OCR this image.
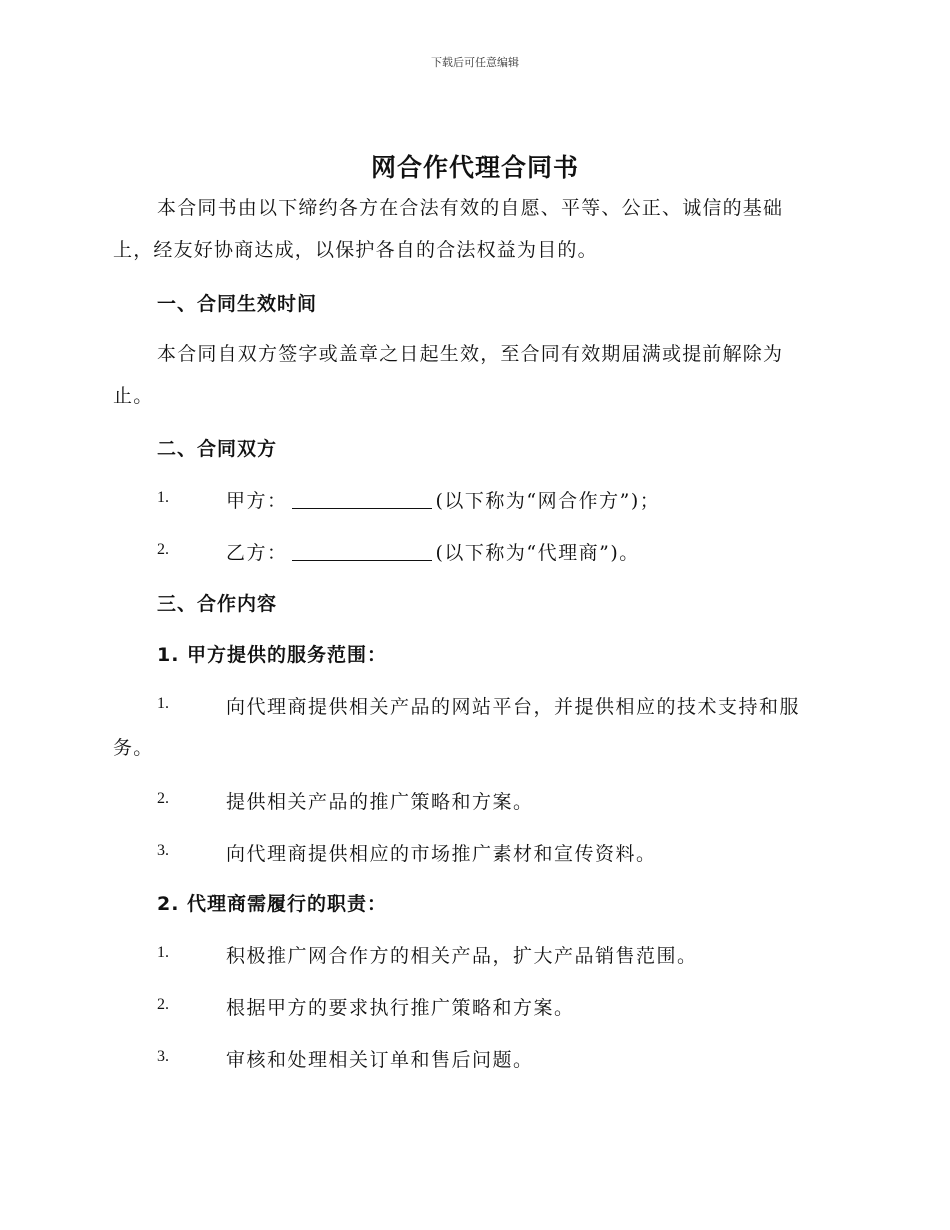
下载后可任意编辑
网合作代理合同书
本合同书由以下缔约各方在合法有效的自愿、平等、公正、诚信的基础
上，经友好协商达成，以保护各自的合法权益为目的。
一、合同生效时间
本合同自双方签字或盖章之日起生效，至合同有效期届满或提前解除为
止。
二、合同双方
1.	甲方：	(以下称为“网合作方”)；
2.	乙方：	(以下称为“代理商”)。
三、合作内容
1. 甲方提供的服务范围：
1.	向代理商提供相关产品的网站平台，并提供相应的技术支持和服
务。
2.	提供相关产品的推广策略和方案。
3.	向代理商提供相应的市场推广素材和宣传资料。
2. 代理商需履行的职责：
1.	积极推广网合作方的相关产品，扩大产品销售范围。
2.	根据甲方的要求执行推广策略和方案。
3.	审核和处理相关订单和售后问题。
